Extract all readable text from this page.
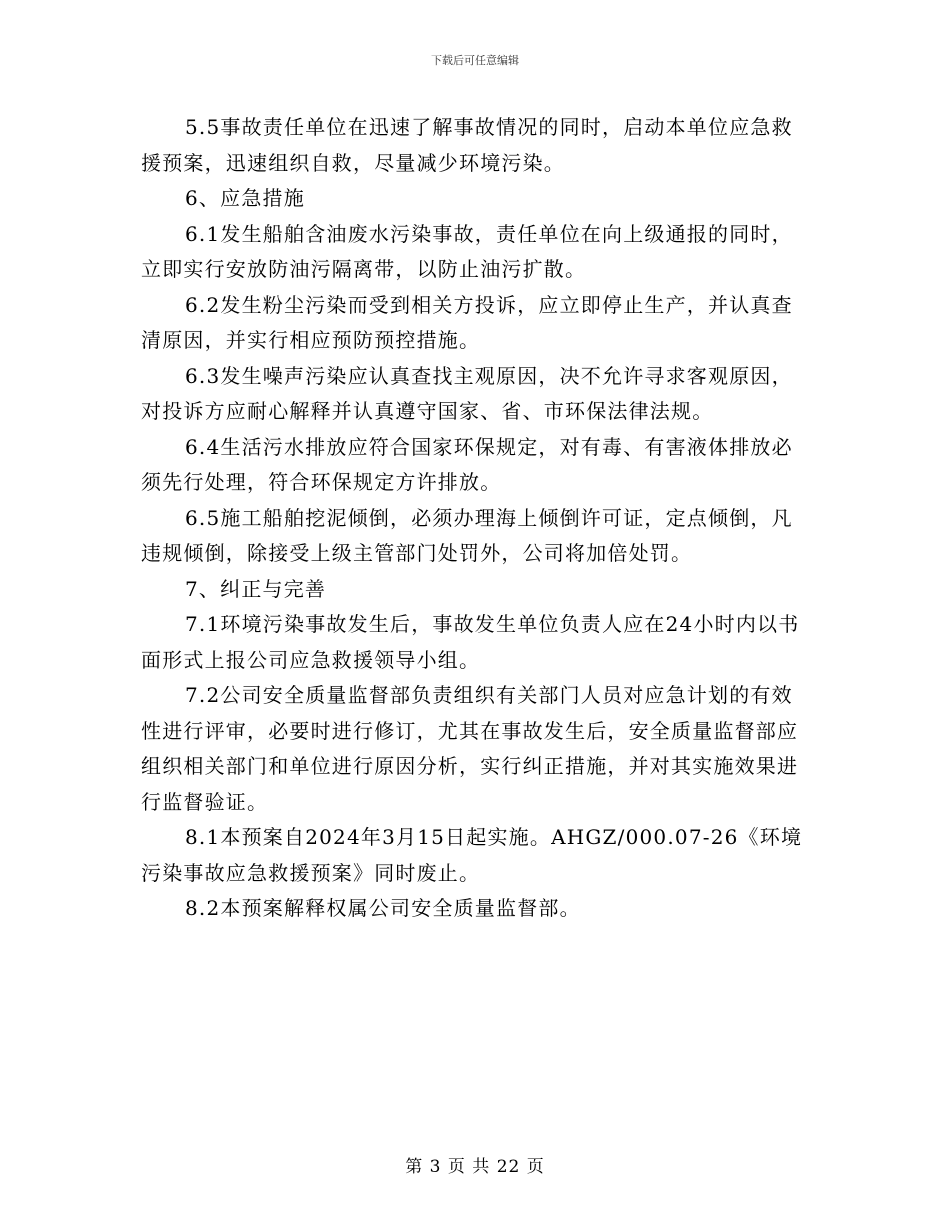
下载后可任意编辑

5.5事故责任单位在迅速了解事故情况的同时，启动本单位应急救援预案，迅速组织自救，尽量减少环境污染。

6、应急措施

6.1发生船舶含油废水污染事故，责任单位在向上级通报的同时，立即实行安放防油污隔离带，以防止油污扩散。

6.2发生粉尘污染而受到相关方投诉，应立即停止生产，并认真查清原因，并实行相应预防预控措施。

6.3发生噪声污染应认真查找主观原因，决不允许寻求客观原因，对投诉方应耐心解释并认真遵守国家、省、市环保法律法规。

6.4生活污水排放应符合国家环保规定，对有毒、有害液体排放必须先行处理，符合环保规定方许排放。

6.5施工船舶挖泥倾倒，必须办理海上倾倒许可证，定点倾倒，凡违规倾倒，除接受上级主管部门处罚外，公司将加倍处罚。

7、纠正与完善

7.1环境污染事故发生后，事故发生单位负责人应在24小时内以书面形式上报公司应急救援领导小组。

7.2公司安全质量监督部负责组织有关部门人员对应急计划的有效性进行评审，必要时进行修订，尤其在事故发生后，安全质量监督部应组织相关部门和单位进行原因分析，实行纠正措施，并对其实施效果进行监督验证。

8.1本预案自2024年3月15日起实施。AHGZ/000.07-26《环境污染事故应急救援预案》同时废止。

8.2本预案解释权属公司安全质量监督部。

第 3 页 共 22 页
